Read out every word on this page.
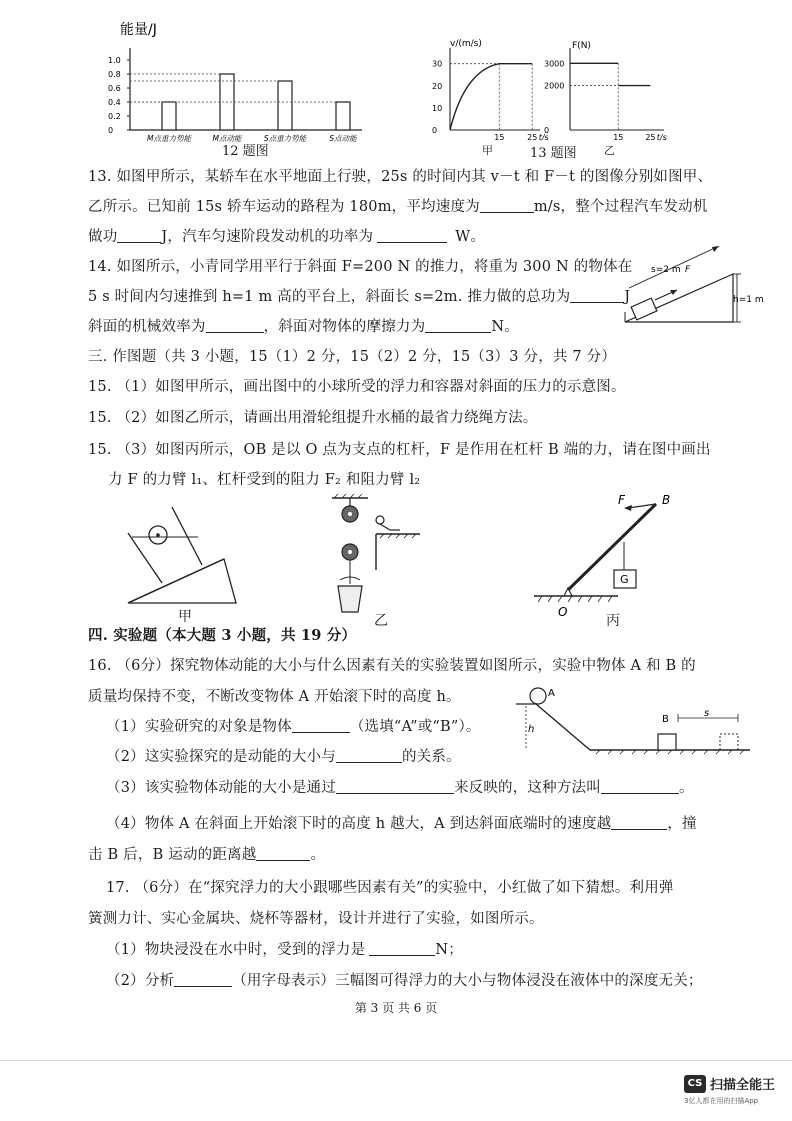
能量/J
1.0
0.8
0.6
0.4
0.2
0
M点重力势能	M点动能	S点重力势能	S点动能
12 题图
v/(m/s)
30
20
10
0
15	25 t/s
甲
F(N)
3000
2000
0
15	25 t/s
13 题图 乙
13. 如图甲所示，某轿车在水平地面上行驶，25s 的时间内其 v－t 和 F－t 的图像分别如图甲、
乙所示。已知前 15s 轿车运动的路程为 180m，平均速度为	m/s，整个过程汽车发动机
做功	J，汽车匀速阶段发动机的功率为	W。
14. 如图所示，小青同学用平行于斜面 F=200 N 的推力，将重为 300 N 的物体在
5 s 时间内匀速推到 h=1 m 高的平台上，斜面长 s=2m. 推力做的总功为	J
斜面的机械效率为	，斜面对物体的摩擦力为	N。
s=2 m F
h=1 m
三. 作图题（共 3 小题，15（1）2 分，15（2）2 分，15（3）3 分，共 7 分）
15. （1）如图甲所示，画出图中的小球所受的浮力和容器对斜面的压力的示意图。
15. （2）如图乙所示，请画出用滑轮组提升水桶的最省力绕绳方法。
15. （3）如图丙所示，OB 是以 O 点为支点的杠杆，F 是作用在杠杆 B 端的力，请在图中画出
力 F 的力臂 l₁、杠杆受到的阻力 F₂ 和阻力臂 l₂
甲	乙
G
F	B
O
丙
四. 实验题（本大题 3 小题，共 19 分）
16. （6分）探究物体动能的大小与什么因素有关的实验装置如图所示，实验中物体 A 和 B 的
质量均保持不变，不断改变物体 A 开始滚下时的高度 h。
（1）实验研究的对象是物体	（选填“A”或“B”）。
（2）这实验探究的是动能的大小与	的关系。
（3）该实验物体动能的大小是通过	来反映的，这种方法叫	。
（4）物体 A 在斜面上开始滚下时的高度 h 越大，A 到达斜面底端时的速度越	，撞
击 B 后，B 运动的距离越	。
A
h
B
s
17. （6分）在“探究浮力的大小跟哪些因素有关”的实验中，小红做了如下猜想。利用弹
簧测力计、实心金属块、烧杯等器材，设计并进行了实验，如图所示。
（1）物块浸没在水中时，受到的浮力是	N；
（2）分析	（用字母表示）三幅图可得浮力的大小与物体浸没在液体中的深度无关；
第 3 页 共 6 页
CS 扫描全能王
3亿人都在用的扫描App
